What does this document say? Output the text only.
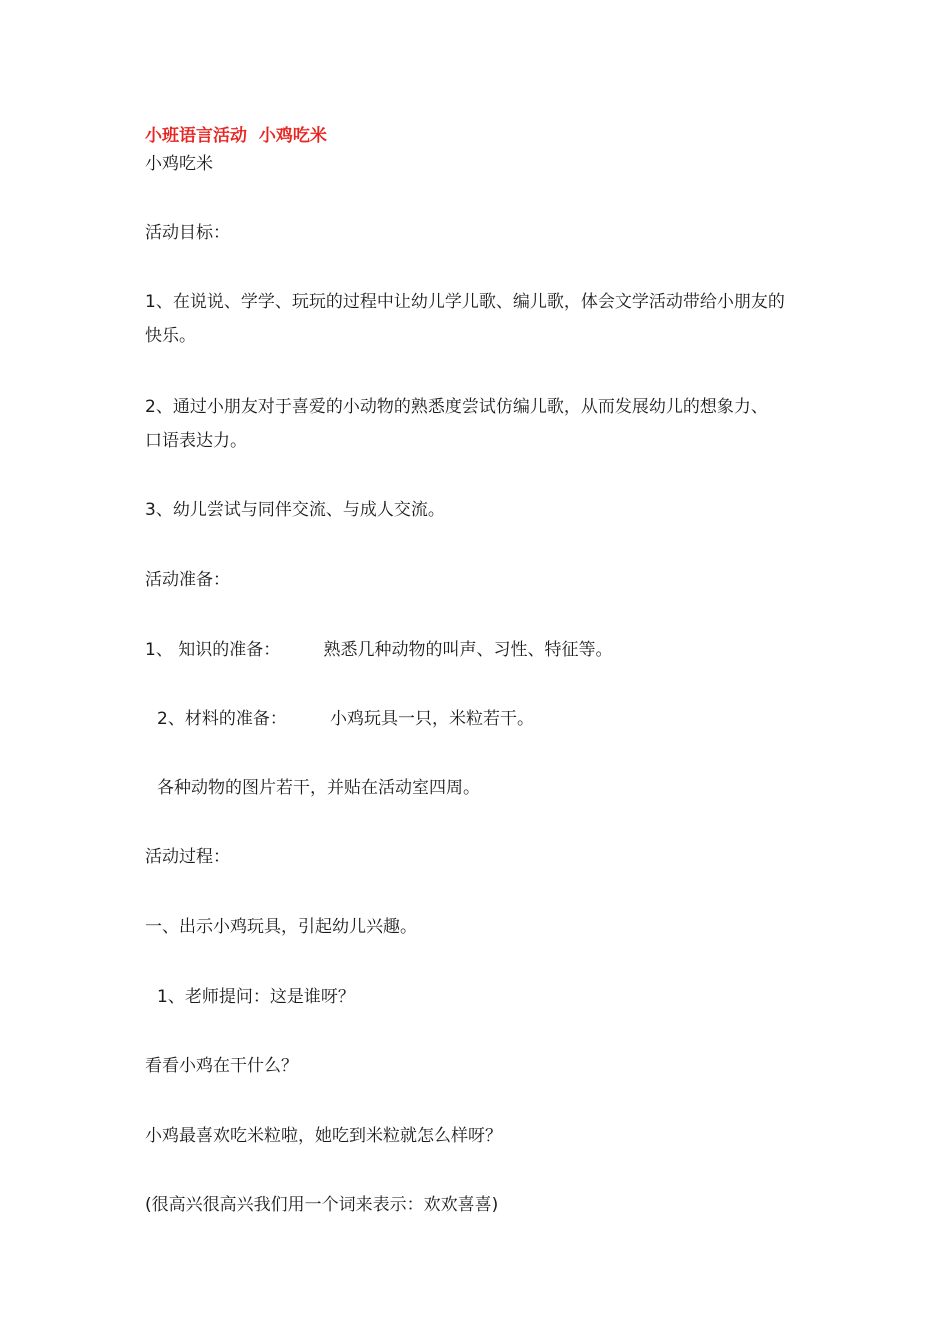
小班语言活动  小鸡吃米

小鸡吃米

活动目标：

1、在说说、学学、玩玩的过程中让幼儿学儿歌、编儿歌，体会文学活动带给小朋友的

快乐。

2、通过小朋友对于喜爱的小动物的熟悉度尝试仿编儿歌，从而发展幼儿的想象力、

口语表达力。

3、幼儿尝试与同伴交流、与成人交流。

活动准备：

1、 知识的准备：        熟悉几种动物的叫声、习性、特征等。

2、材料的准备：        小鸡玩具一只，米粒若干。

各种动物的图片若干，并贴在活动室四周。

活动过程：

一、出示小鸡玩具，引起幼儿兴趣。

1、老师提问：这是谁呀？

看看小鸡在干什么？

小鸡最喜欢吃米粒啦，她吃到米粒就怎么样呀？

(很高兴很高兴我们用一个词来表示：欢欢喜喜)
